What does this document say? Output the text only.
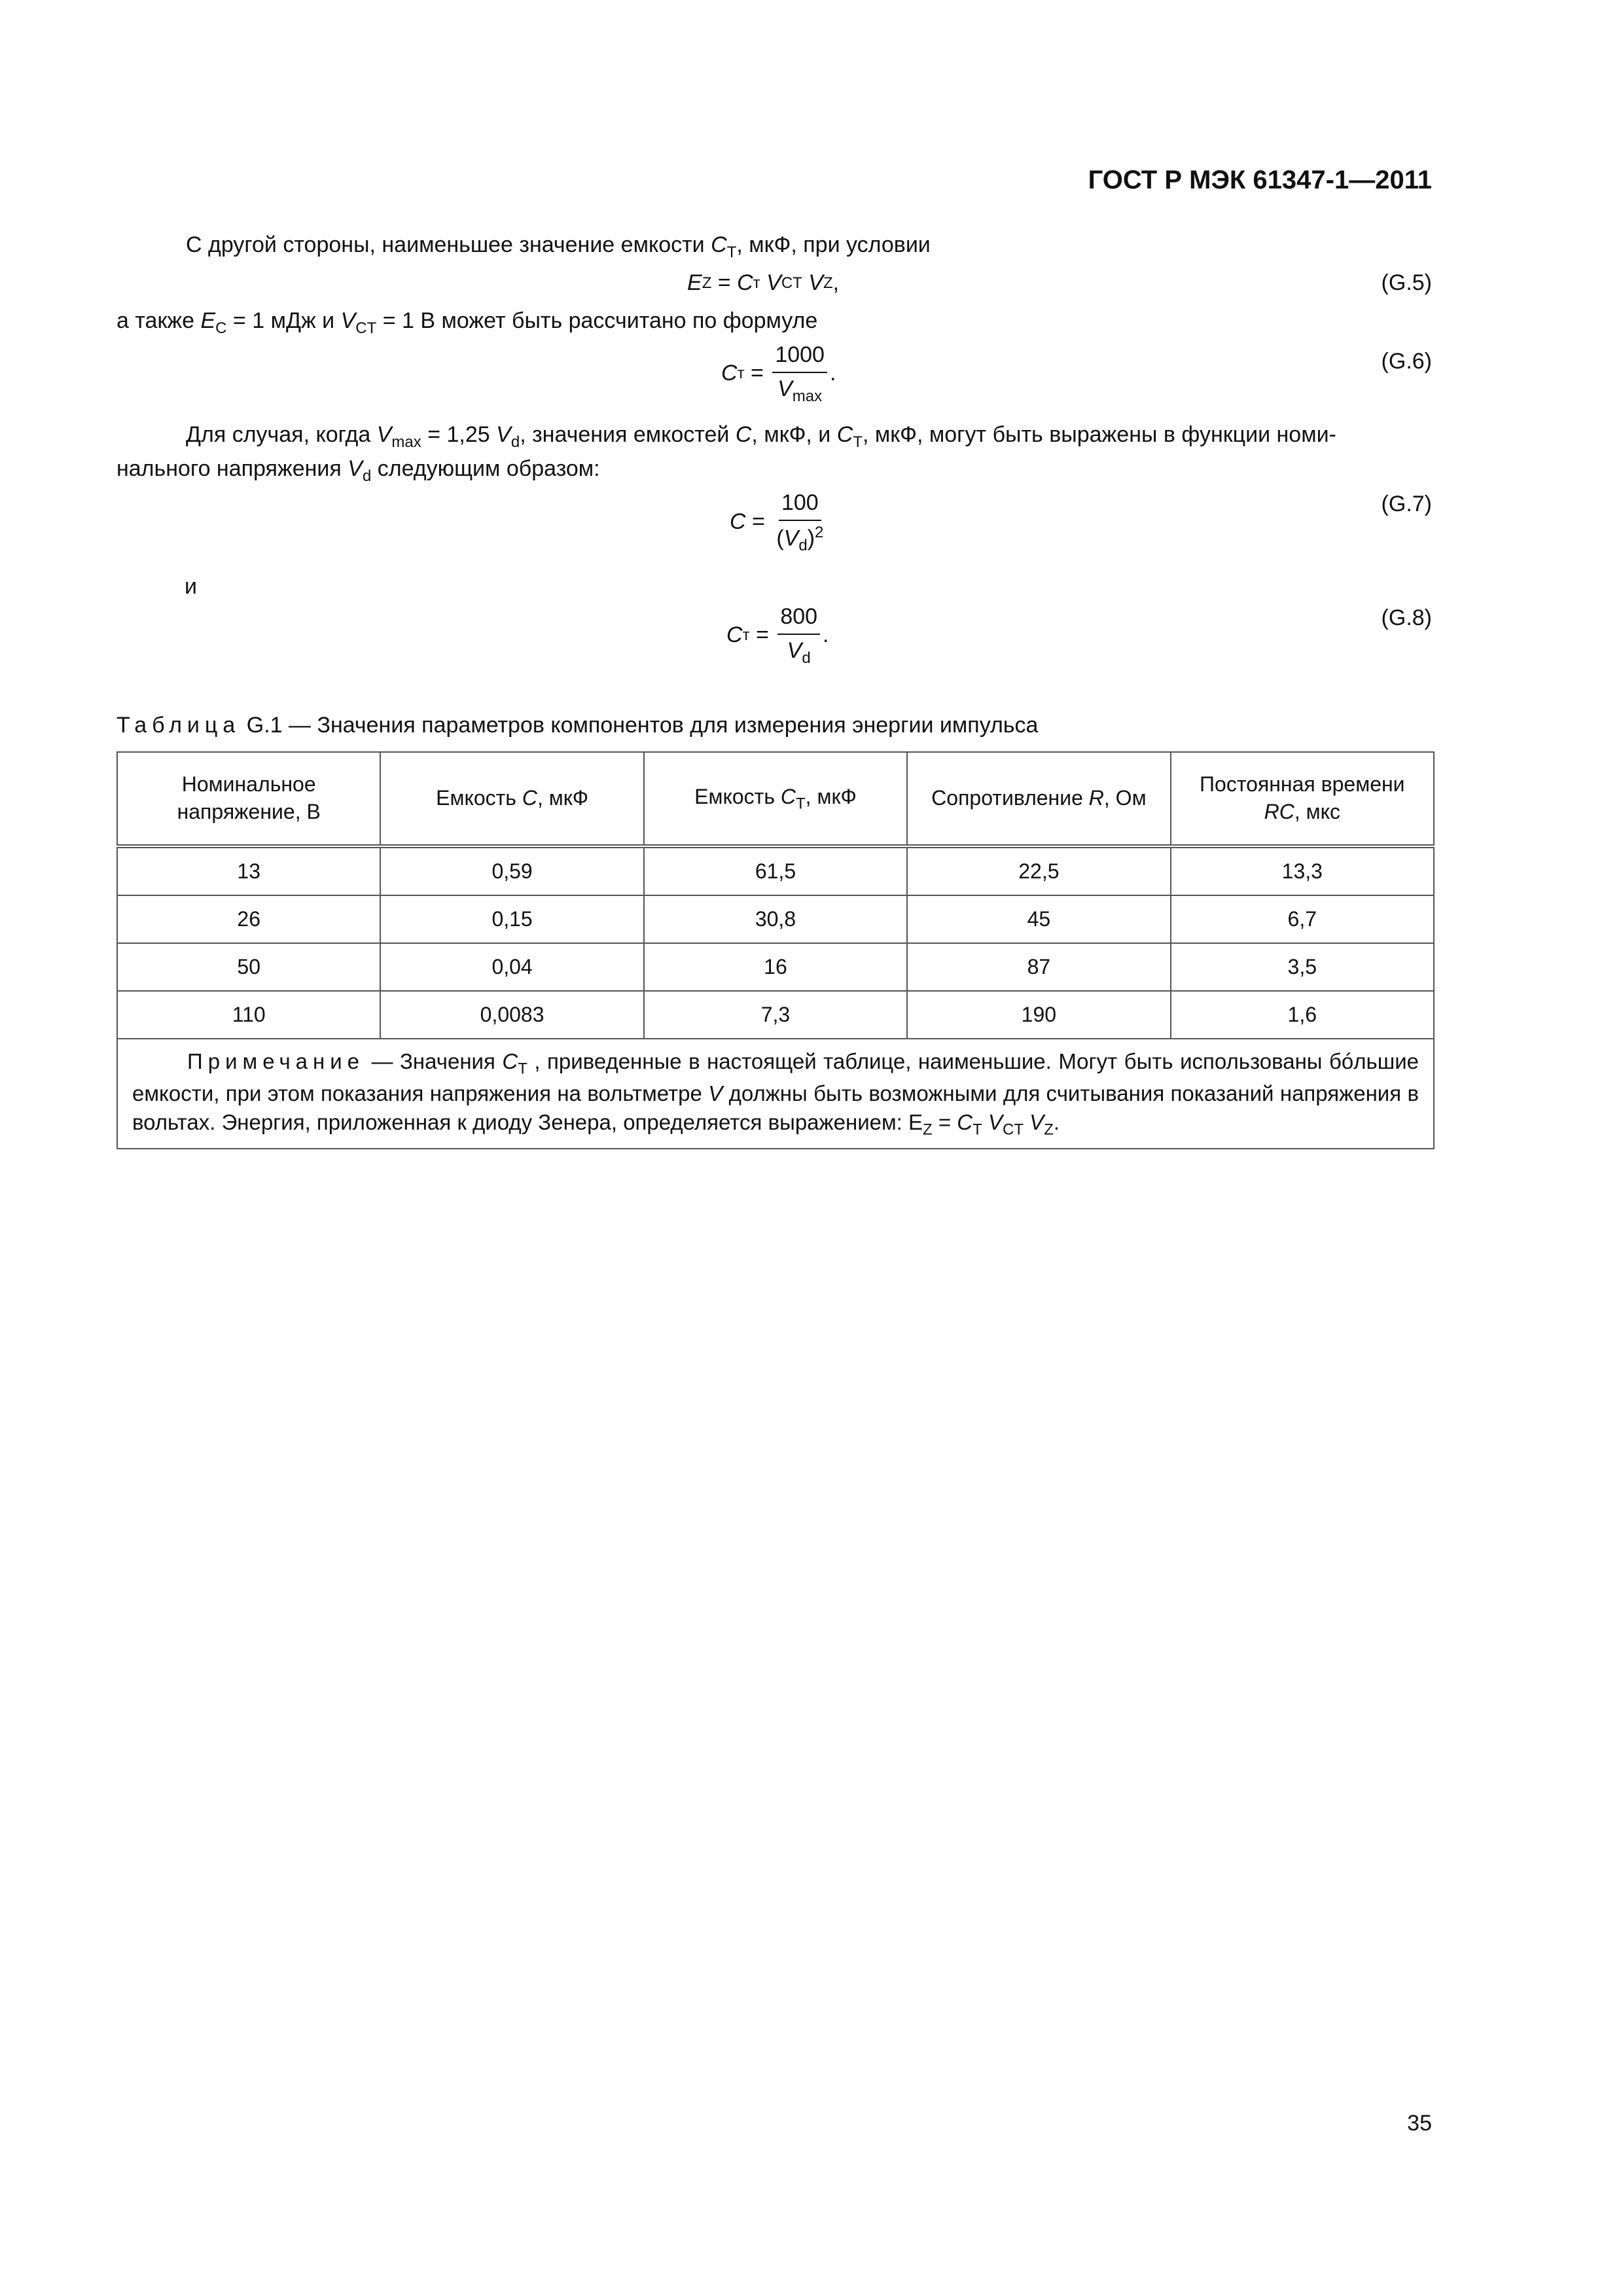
ГОСТ Р МЭК 61347-1—2011
С другой стороны, наименьшее значение емкости $C_T$, мкФ, при условии
E Z = C т
V CT
V Z ,	(G.5)
а также $E_C = 1$ мДж и $V_{CT} = 1$ В может быть рассчитано по формуле
C $т = \frac{1000}{V_{max}}$ .	(G.6)
Для случая, когда $V_{max} = 1,25$ $V_d$, значения емкостей C, мкФ, и $C_T$, мкФ, могут быть выражены в функции номи-
нального напряжения $V_d$ следующим образом:
$C = \frac{100}{(V_d)^2}$	(G.7)
и
C $т = \frac{800}{V_d}$ .
(G.8)
Таблица G.1 — Значения параметров компонентов для измерения энергии импульса
Номинальное
напряжение, В	Емкость C, мкФ	Емкость $C_T$, мкФ	Сопротивление R, Ом	Постоянная времени
RC, мкс
13	0,59	61,5	22,5	13,3
26	0,15	30,8	45	6,7
50	0,04	16	87	3,5
110	0,0083	7,3	190	1,6
Примечание — Значения $C_T$ , приведенные в настоящей таблице, наименьшие. Могут быть использованы бóльшие емкости, при этом показания напряжения на вольтметре V должны быть возможными для считывания показаний напряжения в вольтах. Энергия, приложенная к диоду Зенера, определяется выражением: $E_Z = C_T$ $V_{CT}$ $V_Z$.				
35
